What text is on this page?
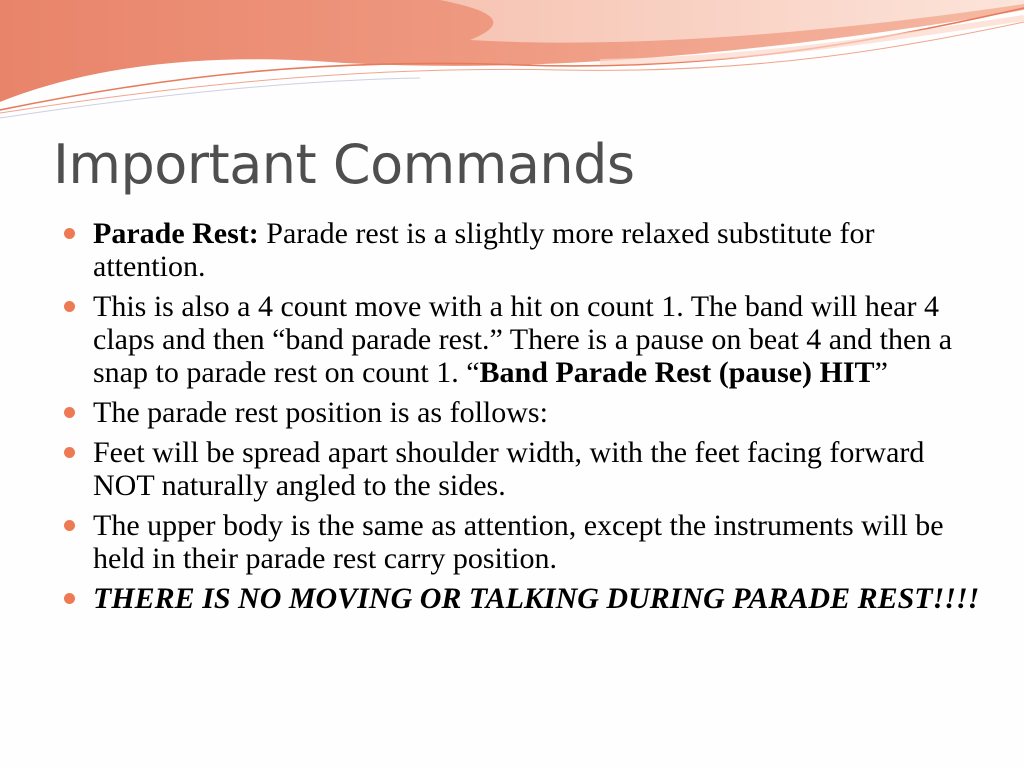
Important Commands
Parade Rest: Parade rest is a slightly more relaxed substitute for attention.
This is also a 4 count move with a hit on count 1. The band will hear 4 claps and then “band parade rest.” There is a pause on beat 4 and then a snap to parade rest on count 1. “Band Parade Rest (pause) HIT”
The parade rest position is as follows:
Feet will be spread apart shoulder width, with the feet facing forward NOT naturally angled to the sides.
The upper body is the same as attention, except the instruments will be held in their parade rest carry position.
THERE IS NO MOVING OR TALKING DURING PARADE REST!!!!
